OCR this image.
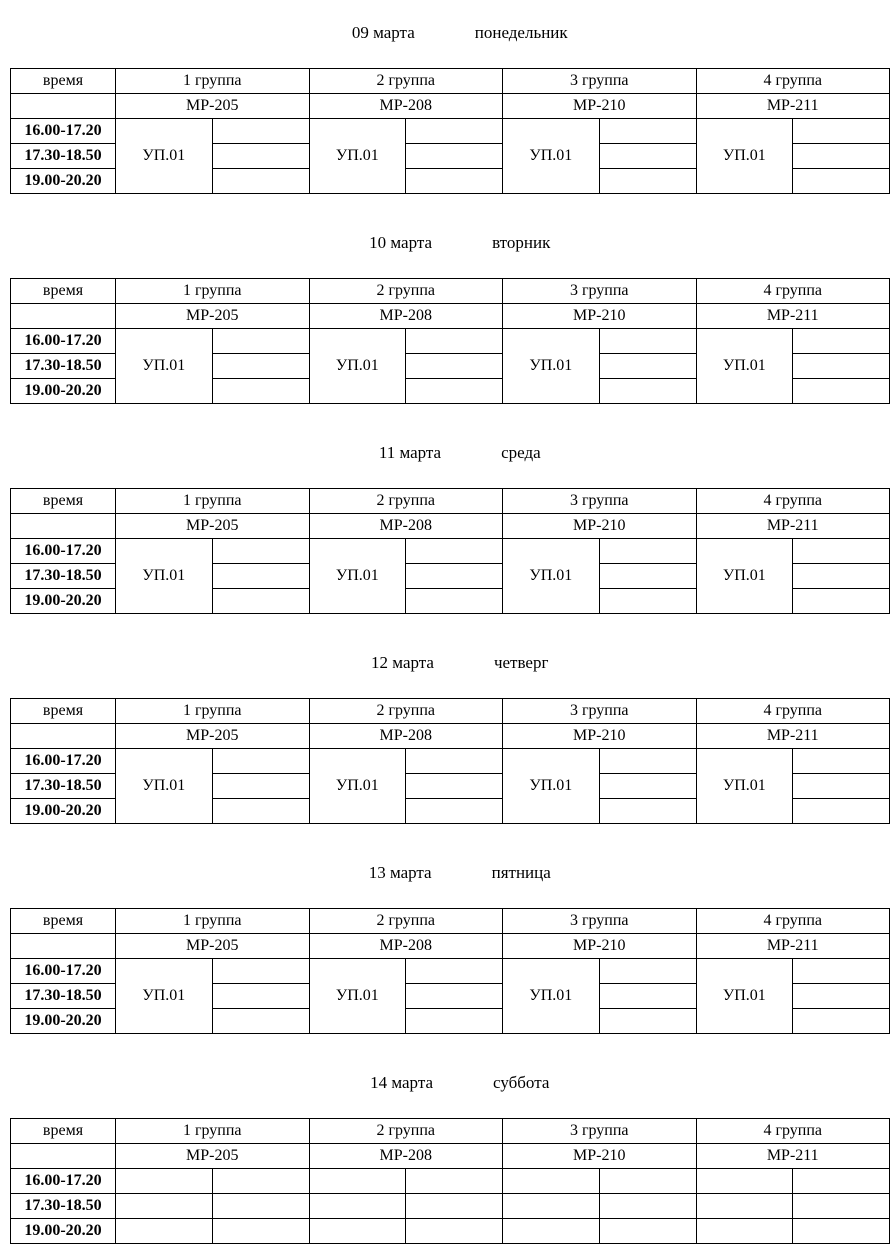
09 марта	понедельник

время	1 группа		2 группа		3 группа		4 группа	
	МР-205		МР-208		МР-210		МР-211	
16.00-17.20	УП.01		УП.01		УП.01		УП.01	
17.30-18.50								
19.00-20.20								

10 марта	вторник

время	1 группа		2 группа		3 группа		4 группа	
	МР-205		МР-208		МР-210		МР-211	
16.00-17.20	УП.01		УП.01		УП.01		УП.01	
17.30-18.50								
19.00-20.20								

11 марта	среда

время	1 группа		2 группа		3 группа		4 группа	
	МР-205		МР-208		МР-210		МР-211	
16.00-17.20	УП.01		УП.01		УП.01		УП.01	
17.30-18.50								
19.00-20.20								

12 марта	четверг

время	1 группа		2 группа		3 группа		4 группа	
	МР-205		МР-208		МР-210		МР-211	
16.00-17.20	УП.01		УП.01		УП.01		УП.01	
17.30-18.50								
19.00-20.20								

13 марта	пятница

время	1 группа		2 группа		3 группа		4 группа	
	МР-205		МР-208		МР-210		МР-211	
16.00-17.20	УП.01		УП.01		УП.01		УП.01	
17.30-18.50								
19.00-20.20								

14 марта	суббота

время	1 группа		2 группа		3 группа		4 группа	
	МР-205		МР-208		МР-210		МР-211	
16.00-17.20								
17.30-18.50								
19.00-20.20								
